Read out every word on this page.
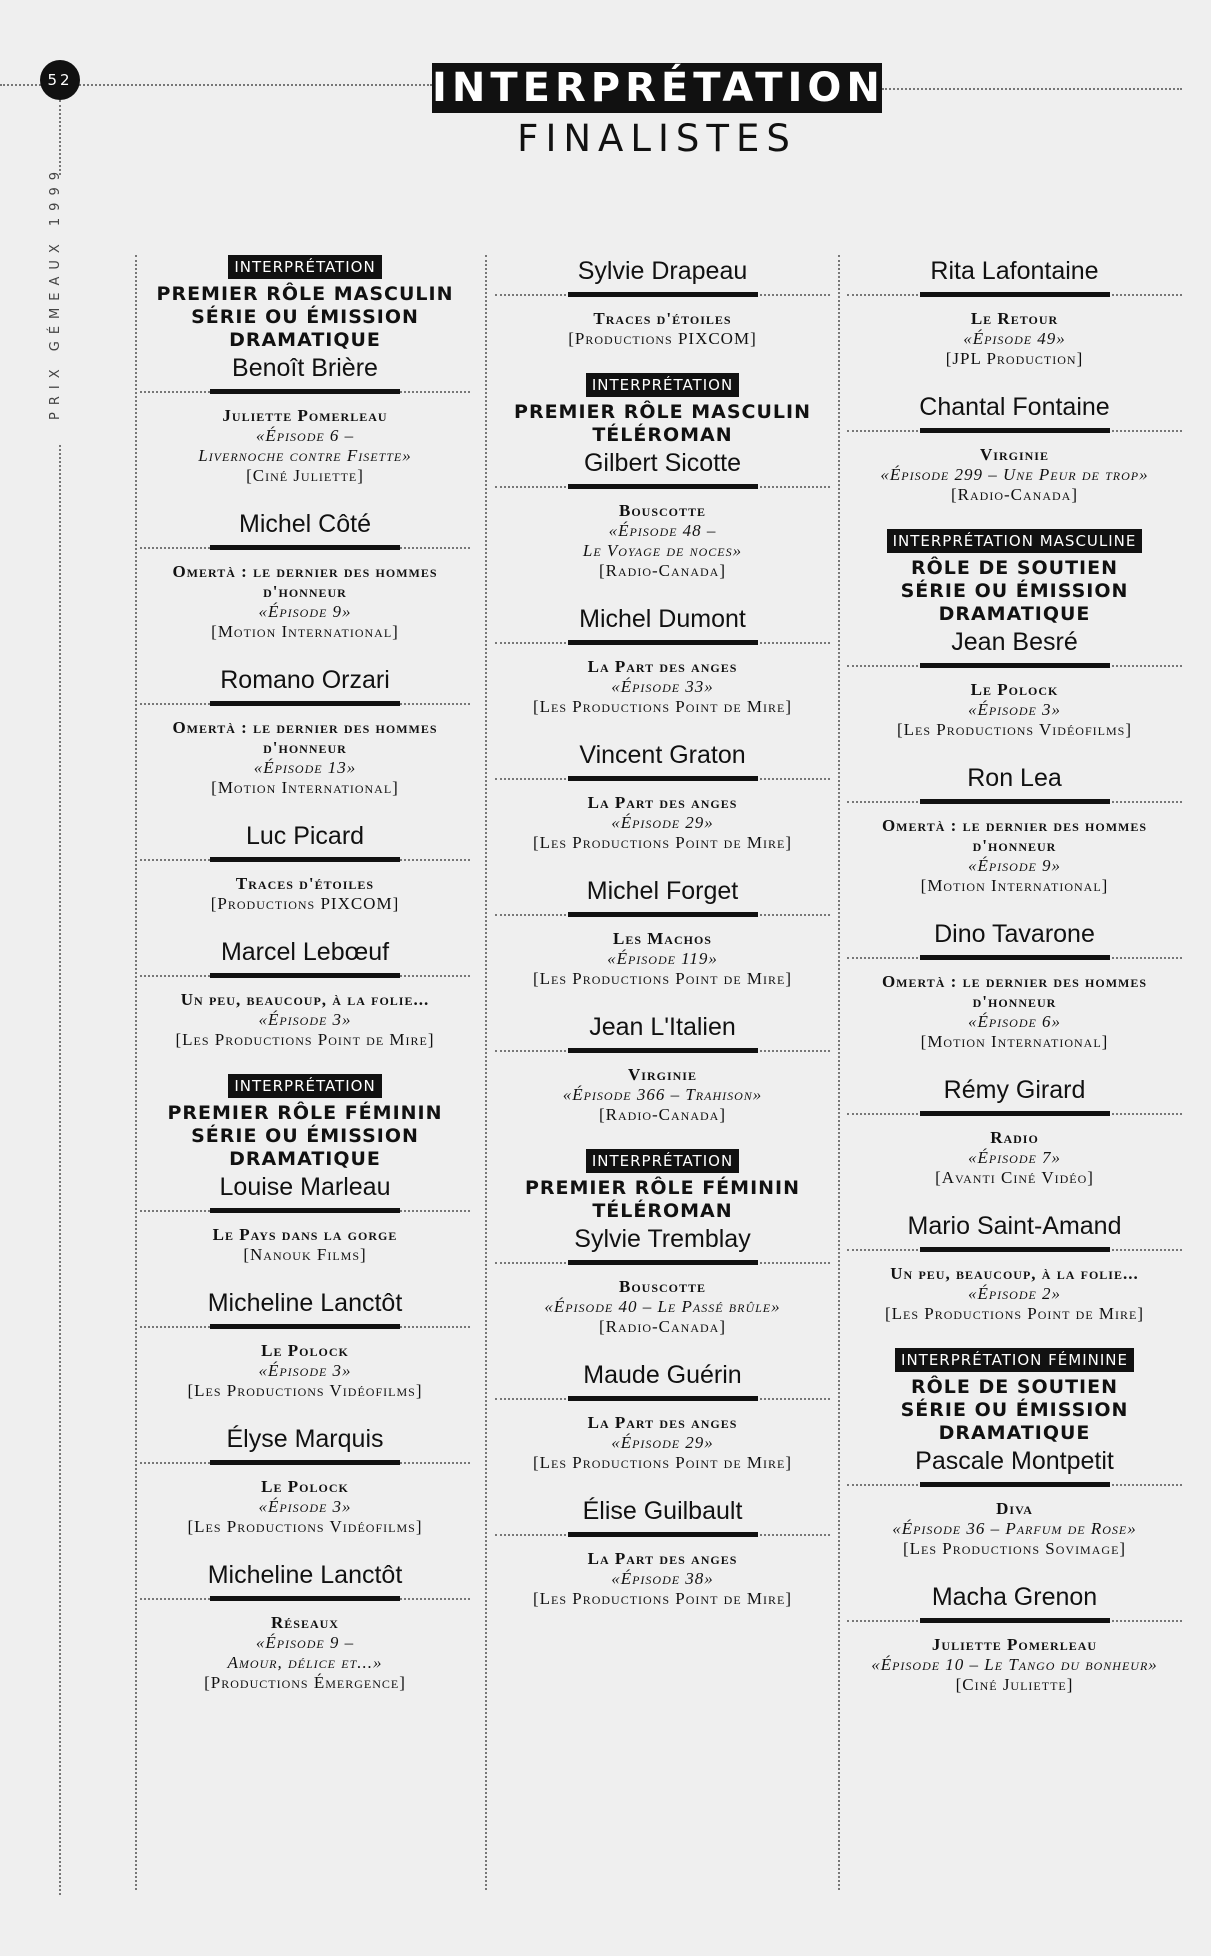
52
PRIX GÉMEAUX 1999
INTERPRÉTATION
FINALISTES
INTERPRÉTATION
PREMIER RÔLE MASCULIN
SÉRIE OU ÉMISSION
DRAMATIQUE
Benoît Brière
Juliette Pomerleau
«Épisode 6 –
Livernoche contre Fisette»
[Ciné Juliette]
Michel Côté
Omertà : le dernier des hommes d'honneur
«Épisode 9»
[Motion International]
Romano Orzari
Omertà : le dernier des hommes d'honneur
«Épisode 13»
[Motion International]
Luc Picard
Traces d'étoiles
[Productions PIXCOM]
Marcel Lebœuf
Un peu, beaucoup, à la folie...
«Épisode 3»
[Les Productions Point de Mire]
INTERPRÉTATION
PREMIER RÔLE FÉMININ
SÉRIE OU ÉMISSION
DRAMATIQUE
Louise Marleau
Le Pays dans la gorge
[Nanouk Films]
Micheline Lanctôt
Le Polock
«Épisode 3»
[Les Productions Vidéofilms]
Élyse Marquis
Le Polock
«Épisode 3»
[Les Productions Vidéofilms]
Micheline Lanctôt
Réseaux
«Épisode 9 –
Amour, délice et...»
[Productions Émergence]
Sylvie Drapeau
Traces d'étoiles
[Productions PIXCOM]
INTERPRÉTATION
PREMIER RÔLE MASCULIN
TÉLÉROMAN
Gilbert Sicotte
Bouscotte
«Épisode 48 –
Le Voyage de noces»
[Radio-Canada]
Michel Dumont
La Part des anges
«Épisode 33»
[Les Productions Point de Mire]
Vincent Graton
La Part des anges
«Épisode 29»
[Les Productions Point de Mire]
Michel Forget
Les Machos
«Épisode 119»
[Les Productions Point de Mire]
Jean L'Italien
Virginie
«Épisode 366 – Trahison»
[Radio-Canada]
INTERPRÉTATION
PREMIER RÔLE FÉMININ
TÉLÉROMAN
Sylvie Tremblay
Bouscotte
«Épisode 40 – Le Passé brûle»
[Radio-Canada]
Maude Guérin
La Part des anges
«Épisode 29»
[Les Productions Point de Mire]
Élise Guilbault
La Part des anges
«Épisode 38»
[Les Productions Point de Mire]
Rita Lafontaine
Le Retour
«Épisode 49»
[JPL Production]
Chantal Fontaine
Virginie
«Épisode 299 – Une Peur de trop»
[Radio-Canada]
INTERPRÉTATION MASCULINE
RÔLE DE SOUTIEN
SÉRIE OU ÉMISSION
DRAMATIQUE
Jean Besré
Le Polock
«Épisode 3»
[Les Productions Vidéofilms]
Ron Lea
Omertà : le dernier des hommes d'honneur
«Épisode 9»
[Motion International]
Dino Tavarone
Omertà : le dernier des hommes d'honneur
«Épisode 6»
[Motion International]
Rémy Girard
Radio
«Épisode 7»
[Avanti Ciné Vidéo]
Mario Saint-Amand
Un peu, beaucoup, à la folie...
«Épisode 2»
[Les Productions Point de Mire]
INTERPRÉTATION FÉMININE
RÔLE DE SOUTIEN
SÉRIE OU ÉMISSION
DRAMATIQUE
Pascale Montpetit
Diva
«Épisode 36 – Parfum de Rose»
[Les Productions Sovimage]
Macha Grenon
Juliette Pomerleau
«Épisode 10 – Le Tango du bonheur»
[Ciné Juliette]
